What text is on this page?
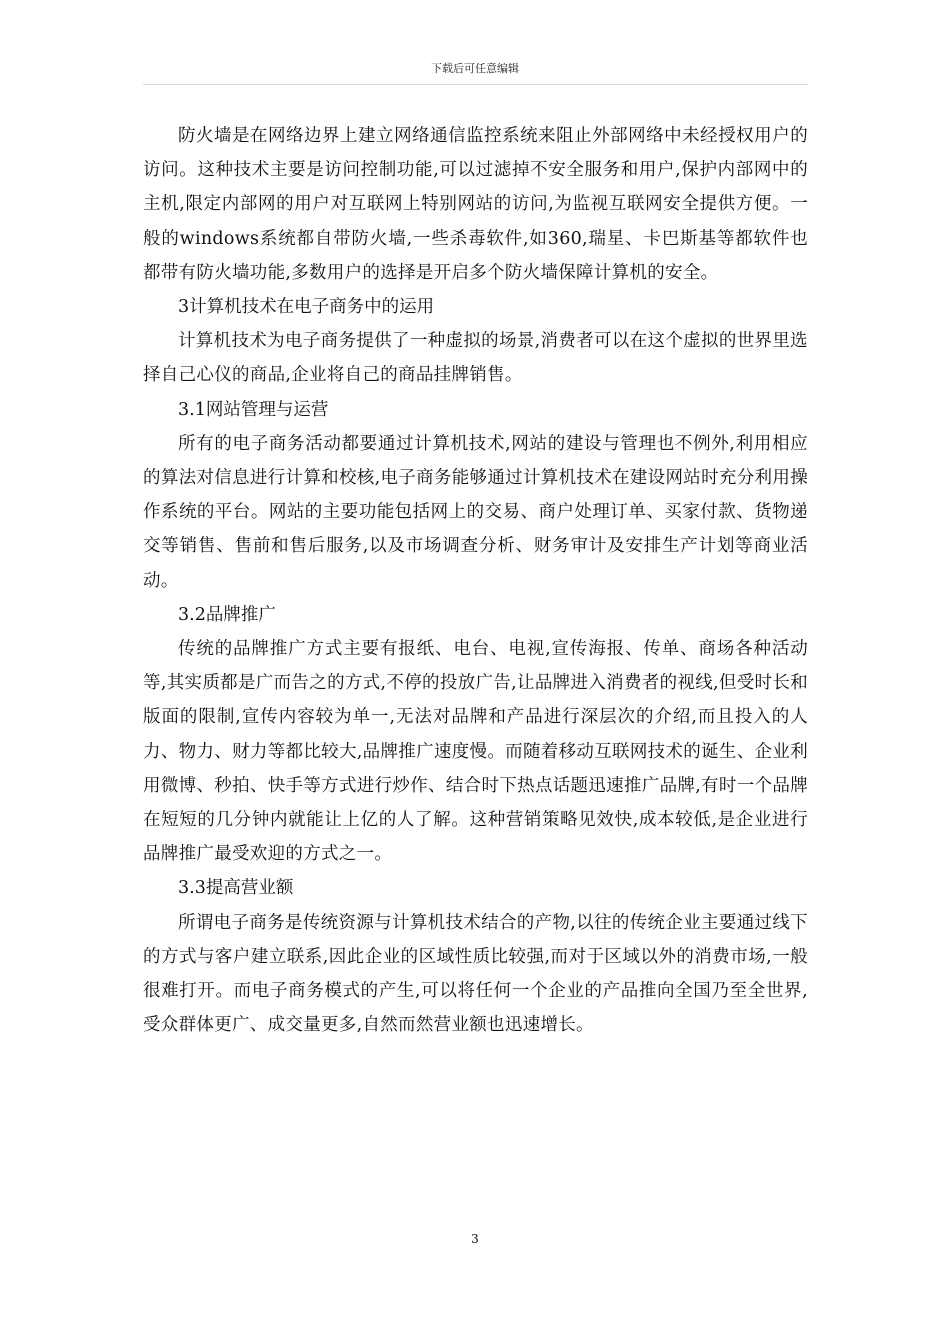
下载后可任意编辑

防火墙是在网络边界上建立网络通信监控系统来阻止外部网络中未经授权用户的访问。这种技术主要是访问控制功能,可以过滤掉不安全服务和用户,保护内部网中的主机,限定内部网的用户对互联网上特别网站的访问,为监视互联网安全提供方便。一般的windows系统都自带防火墙,一些杀毒软件,如360,瑞星、卡巴斯基等都软件也都带有防火墙功能,多数用户的选择是开启多个防火墙保障计算机的安全。

3计算机技术在电子商务中的运用

计算机技术为电子商务提供了一种虚拟的场景,消费者可以在这个虚拟的世界里选择自己心仪的商品,企业将自己的商品挂牌销售。

3.1网站管理与运营

所有的电子商务活动都要通过计算机技术,网站的建设与管理也不例外,利用相应的算法对信息进行计算和校核,电子商务能够通过计算机技术在建设网站时充分利用操作系统的平台。网站的主要功能包括网上的交易、商户处理订单、买家付款、货物递交等销售、售前和售后服务,以及市场调查分析、财务审计及安排生产计划等商业活动。

3.2品牌推广

传统的品牌推广方式主要有报纸、电台、电视,宣传海报、传单、商场各种活动等,其实质都是广而告之的方式,不停的投放广告,让品牌进入消费者的视线,但受时长和版面的限制,宣传内容较为单一,无法对品牌和产品进行深层次的介绍,而且投入的人力、物力、财力等都比较大,品牌推广速度慢。而随着移动互联网技术的诞生、企业利用微博、秒拍、快手等方式进行炒作、结合时下热点话题迅速推广品牌,有时一个品牌在短短的几分钟内就能让上亿的人了解。这种营销策略见效快,成本较低,是企业进行品牌推广最受欢迎的方式之一。

3.3提高营业额

所谓电子商务是传统资源与计算机技术结合的产物,以往的传统企业主要通过线下的方式与客户建立联系,因此企业的区域性质比较强,而对于区域以外的消费市场,一般很难打开。而电子商务模式的产生,可以将任何一个企业的产品推向全国乃至全世界,受众群体更广、成交量更多,自然而然营业额也迅速增长。

3
